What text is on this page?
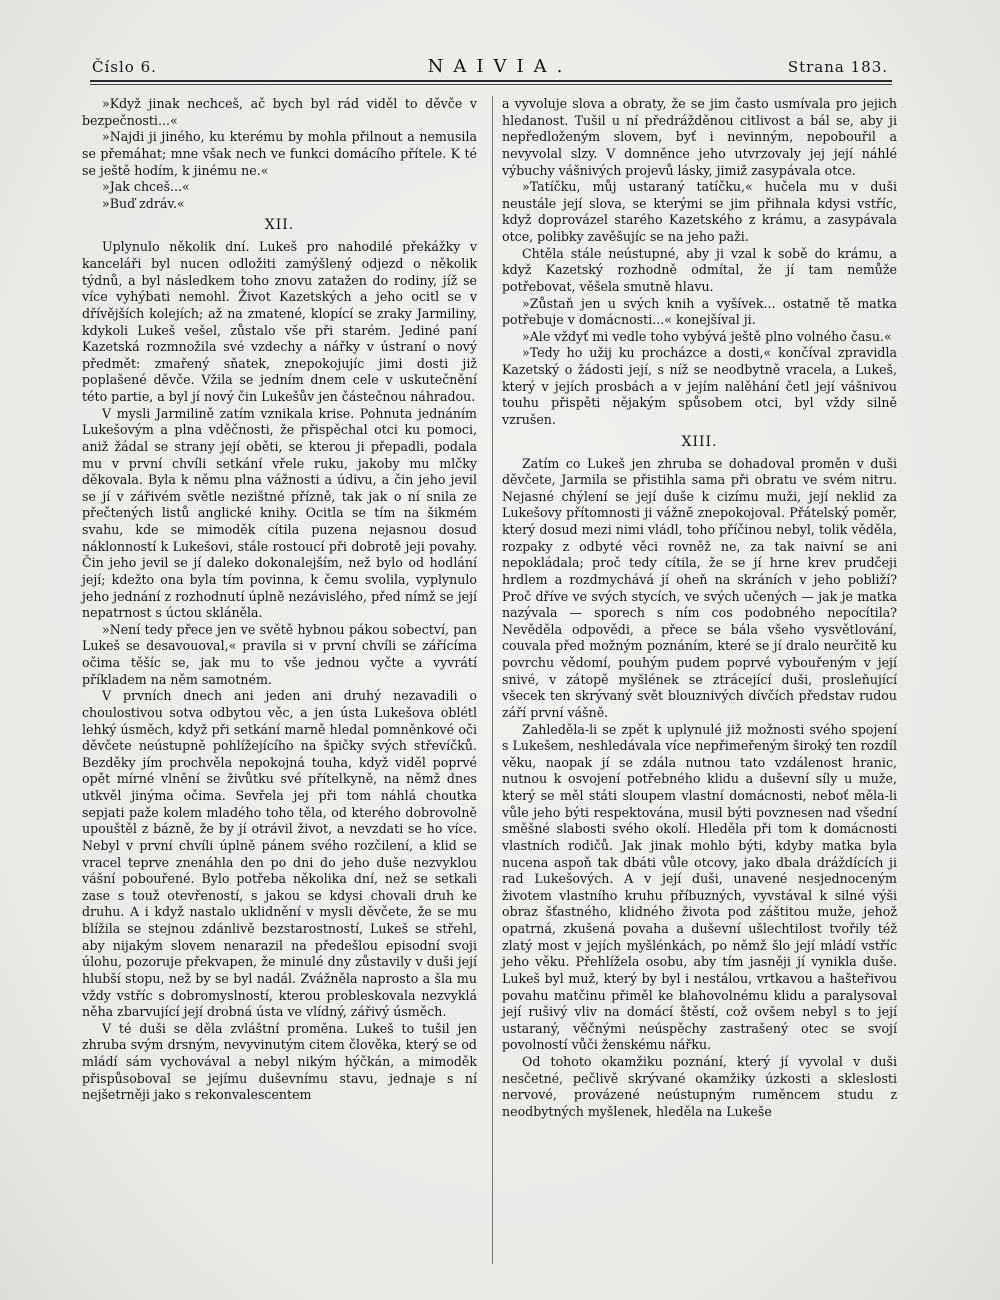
Číslo 6.	NAIVIA.	Strana 183.

»Když jinak nechceš, ač bych byl rád viděl to děvče v bezpečnosti...«

»Najdi ji jiného, ku kterému by mohla přilnout a nemusila se přemáhat; mne však nech ve funkci domácího přítele. K té se ještě hodím, k jinému ne.«

»Jak chceš...«

»Buď zdráv.«

XII.

Uplynulo několik dní. Lukeš pro nahodilé překážky v kanceláři byl nucen odložiti zamýšlený odjezd o několik týdnů, a byl následkem toho znovu zatažen do rodiny, jíž se více vyhýbati nemohl. Život Kazetských a jeho ocitl se v dřívějších kolejích; až na zmatené, klopící se zraky Jarmiliny, kdykoli Lukeš vešel, zůstalo vše při starém. Jediné paní Kazetská rozmnožila své vzdechy a nářky v ústraní o nový předmět: zmařený sňatek, znepokojujíc jimi dosti již poplašené děvče. Vžila se jedním dnem cele v uskutečnění této partie, a byl jí nový čin Lukešův jen částečnou náhradou.

V mysli Jarmilině zatím vznikala krise. Pohnuta jednáním Lukešovým a plna vděčnosti, že přispěchal otci ku pomoci, aniž žádal se strany její oběti, se kterou ji přepadli, podala mu v první chvíli setkání vřele ruku, jakoby mu mlčky děkovala. Byla k němu plna vážnosti a údivu, a čin jeho jevil se jí v zářivém světle nezištné přízně, tak jak o ní snila ze přečtených listů anglické knihy. Ocitla se tím na šikmém svahu, kde se mimoděk cítila puzena nejasnou dosud náklonností k Lukešovi, stále rostoucí při dobrotě jeji povahy. Čin jeho jevil se jí daleko dokonalejším, než bylo od hodlání její; kdežto ona byla tím povinna, k čemu svolila, vyplynulo jeho jednání z rozhodnutí úplně nezávislého, před nímž se její nepatrnost s úctou skláněla.

»Není tedy přece jen ve světě hybnou pákou sobectví, pan Lukeš se desavouoval,« pravila si v první chvíli se zářícíma očima těšíc se, jak mu to vše jednou vyčte a vyvrátí příkladem na něm samotném.

V prvních dnech ani jeden ani druhý nezavadili o choulostivou sotva odbytou věc, a jen ústa Lukešova oblétl lehký úsměch, když při setkání marně hledal pomněnkové oči děvčete neústupně pohlížejícího na špičky svých střevíčků. Bezděky jím prochvěla nepokojná touha, když viděl poprvé opět mírné vlnění se živůtku své přítelkyně, na němž dnes utkvěl jinýma očima. Sevřela jej při tom náhlá choutka sepjati paže kolem mladého toho těla, od kterého dobrovolně upouštěl z bázně, že by jí otrávil život, a nevzdati se ho více. Nebyl v první chvíli úplně pánem svého rozčilení, a klid se vracel teprve znenáhla den po dni do jeho duše nezvyklou vášní pobouřené. Bylo potřeba několika dní, než se setkali zase s touž otevřeností, s jakou se kdysi chovali druh ke druhu. A i když nastalo uklidnění v mysli děvčete, že se mu blížila se stejnou zdánlivě bezstarostností, Lukeš se střehl, aby nijakým slovem nenarazil na předešlou episodní svoji úlohu, pozoruje překvapen, že minulé dny zůstavily v duši její hlubší stopu, než by se byl nadál. Zvážněla naprosto a šla mu vždy vstříc s dobromyslností, kterou probleskovala nezvyklá něha zbarvující její drobná ústa ve vlídný, zářivý úsměch.

V té duši se děla zvláštní proměna. Lukeš to tušil jen zhruba svým drsným, nevyvinutým citem člověka, který se od mládí sám vychovával a nebyl nikým hýčkán, a mimoděk přispůsoboval se jejímu duševnímu stavu, jednaje s ní nejšetrněji jako s rekonvalescentem

a vyvoluje slova a obraty, že se jim často usmívala pro jejich hledanost. Tušil u ní předrážděnou citlivost a bál se, aby ji nepředloženým slovem, byť i nevinným, nepobouřil a nevyvolal slzy. V domněnce jeho utvrzovaly jej její náhlé výbuchy vášnivých projevů lásky, jimiž zasypávala otce.

»Tatíčku, můj ustaraný tatíčku,« hučela mu v duši neustále její slova, se kterými se jim přihnala kdysi vstříc, když doprovázel starého Kazetského z krámu, a zasypávala otce, polibky zavěšujíc se na jeho paži.

Chtěla stále neústupné, aby ji vzal k sobě do krámu, a když Kazetský rozhodně odmítal, že jí tam nemůže potřebovat, věšela smutně hlavu.

»Zůstaň jen u svých knih a vyšívek... ostatně tě matka potřebuje v domácnosti...« konejšíval ji.

»Ale vždyť mi vedle toho vybývá ještě plno volného času.«

»Tedy ho užij ku procházce a dosti,« končíval zpravidla Kazetský o žádosti její, s níž se neodbytně vracela, a Lukeš, který v jejích prosbách a v jejím nalěhání četl její vášnivou touhu přispěti nějakým spůsobem otci, byl vždy silně vzrušen.

XIII.

Zatím co Lukeš jen zhruba se dohadoval proměn v duši děvčete, Jarmila se přistihla sama při obratu ve svém nitru. Nejasné chýlení se její duše k cizímu muži, její neklid za Lukešovy přítomnosti ji vážně znepokojoval. Přátelský poměr, který dosud mezi nimi vládl, toho příčinou nebyl, tolik věděla, rozpaky z odbyté věci rovněž ne, za tak naivní se ani nepokládala; proč tedy cítila, že se jí hrne krev prudčeji hrdlem a rozdmychává jí oheň na skráních v jeho pobliží? Proč dříve ve svých stycích, ve svých učených — jak je matka nazývala — sporech s ním cos podobného nepocítila? Nevěděla odpovědi, a přece se bála všeho vysvětlování, couvala před možným poznáním, které se jí dralo neurčitě ku povrchu vědomí, pouhým pudem poprvé vybouřeným v její snivé, v zátopě myšlének se ztrácející duši, prosleňující všecek ten skrývaný svět blouznivých dívčích představ rudou září první vášně.

Zahleděla-li se zpět k uplynulé již možnosti svého spojení s Lukešem, neshledávala více nepřimeřeným široký ten rozdíl věku, naopak jí se zdála nutnou tato vzdálenost hranic, nutnou k osvojení potřebného klidu a duševní síly u muže, který se měl státi sloupem vlastní domácnosti, neboť měla-li vůle jeho býti respektována, musil býti povznesen nad všední směšné slabosti svého okolí. Hleděla při tom k domácnosti vlastních rodičů. Jak jinak mohlo býti, kdyby matka byla nucena aspoň tak dbáti vůle otcovy, jako dbala dráždících ji rad Lukešových. A v její duši, unavené nesjednoceným životem vlastního kruhu příbuzných, vyvstával k silné výši obraz šťastného, klidného života pod záštitou muže, jehož opatrná, zkušená povaha a duševní ušlechtilost tvořily též zlatý most v jejích myšlénkách, po němž šlo její mládí vstříc jeho věku. Přehlížela osobu, aby tím jasněji jí vynikla duše. Lukeš byl muž, který by byl i nestálou, vrtkavou a hašteřivou povahu matčinu přiměl ke blahovolnému klidu a paralysoval její rušivý vliv na domácí štěstí, což ovšem nebyl s to její ustaraný, věčnými neúspěchy zastrašený otec se svojí povolností vůči ženskému nářku.

Od tohoto okamžiku poznání, který jí vyvolal v duši nesčetné, pečlivě skrývané okamžiky úzkosti a skleslosti nervové, provázené neústupným ruměncem studu z neodbytných myšlenek, hleděla na Lukeše
